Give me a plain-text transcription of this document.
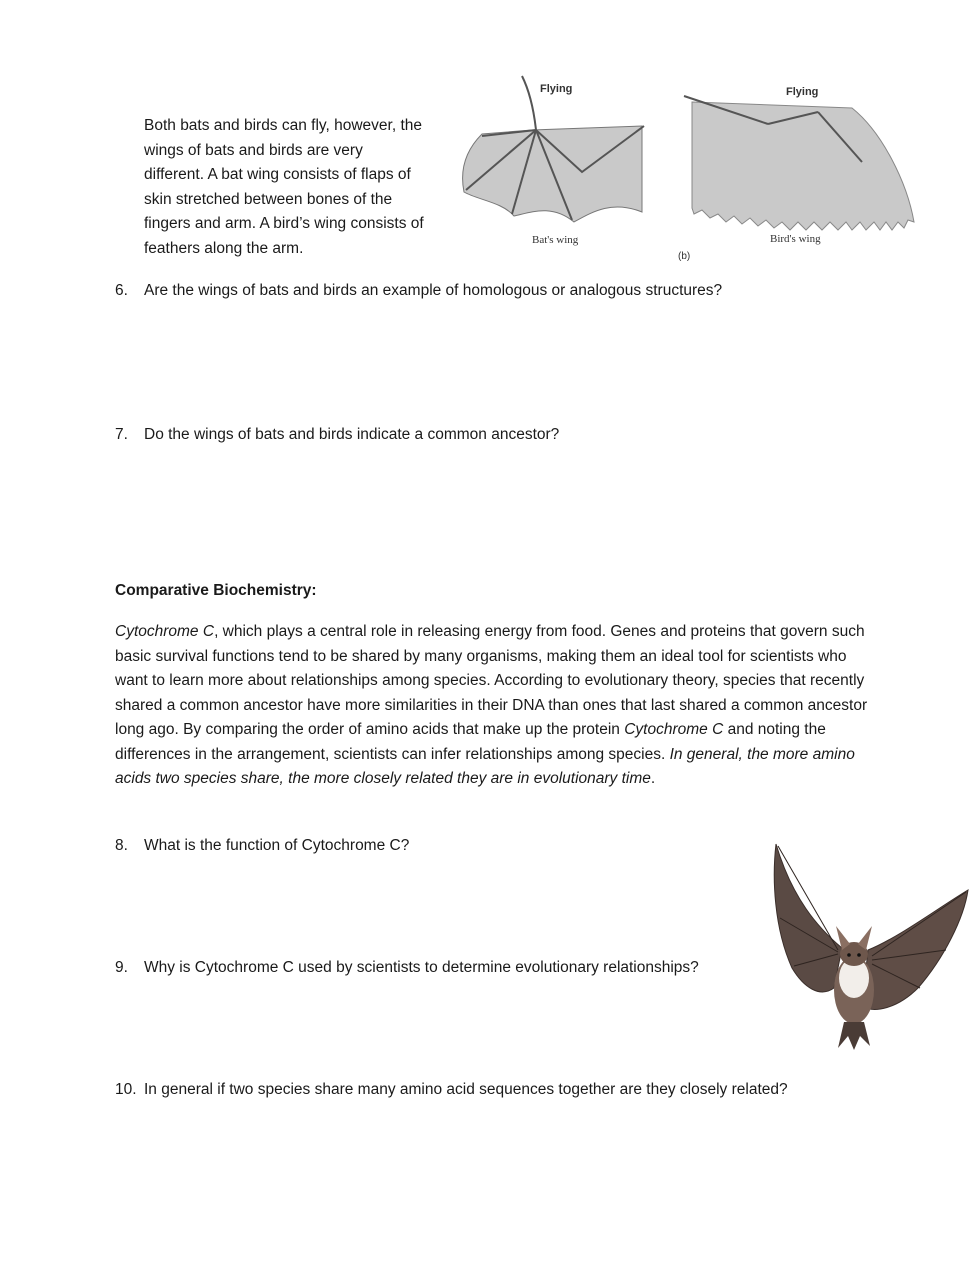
Both bats and birds can fly, however, the wings of bats and birds are very different. A bat wing consists of flaps of skin stretched between bones of the fingers and arm. A bird’s wing consists of feathers along the arm.
Flying
Bat's wing
Flying
Bird's wing
(b)
6. Are the wings of bats and birds an example of homologous or analogous structures?
7. Do the wings of bats and birds indicate a common ancestor?
Comparative Biochemistry:
Cytochrome C, which plays a central role in releasing energy from food. Genes and proteins that govern such basic survival functions tend to be shared by many organisms, making them an ideal tool for scientists who want to learn more about relationships among species. According to evolutionary theory, species that recently shared a common ancestor have more similarities in their DNA than ones that last shared a common ancestor long ago. By comparing the order of amino acids that make up the protein Cytochrome C and noting the differences in the arrangement, scientists can infer relationships among species. In general, the more amino acids two species share, the more closely related they are in evolutionary time.
8. What is the function of Cytochrome C?
9. Why is Cytochrome C used by scientists to determine evolutionary relationships?
10. In general if two species share many amino acid sequences together are they closely related?
